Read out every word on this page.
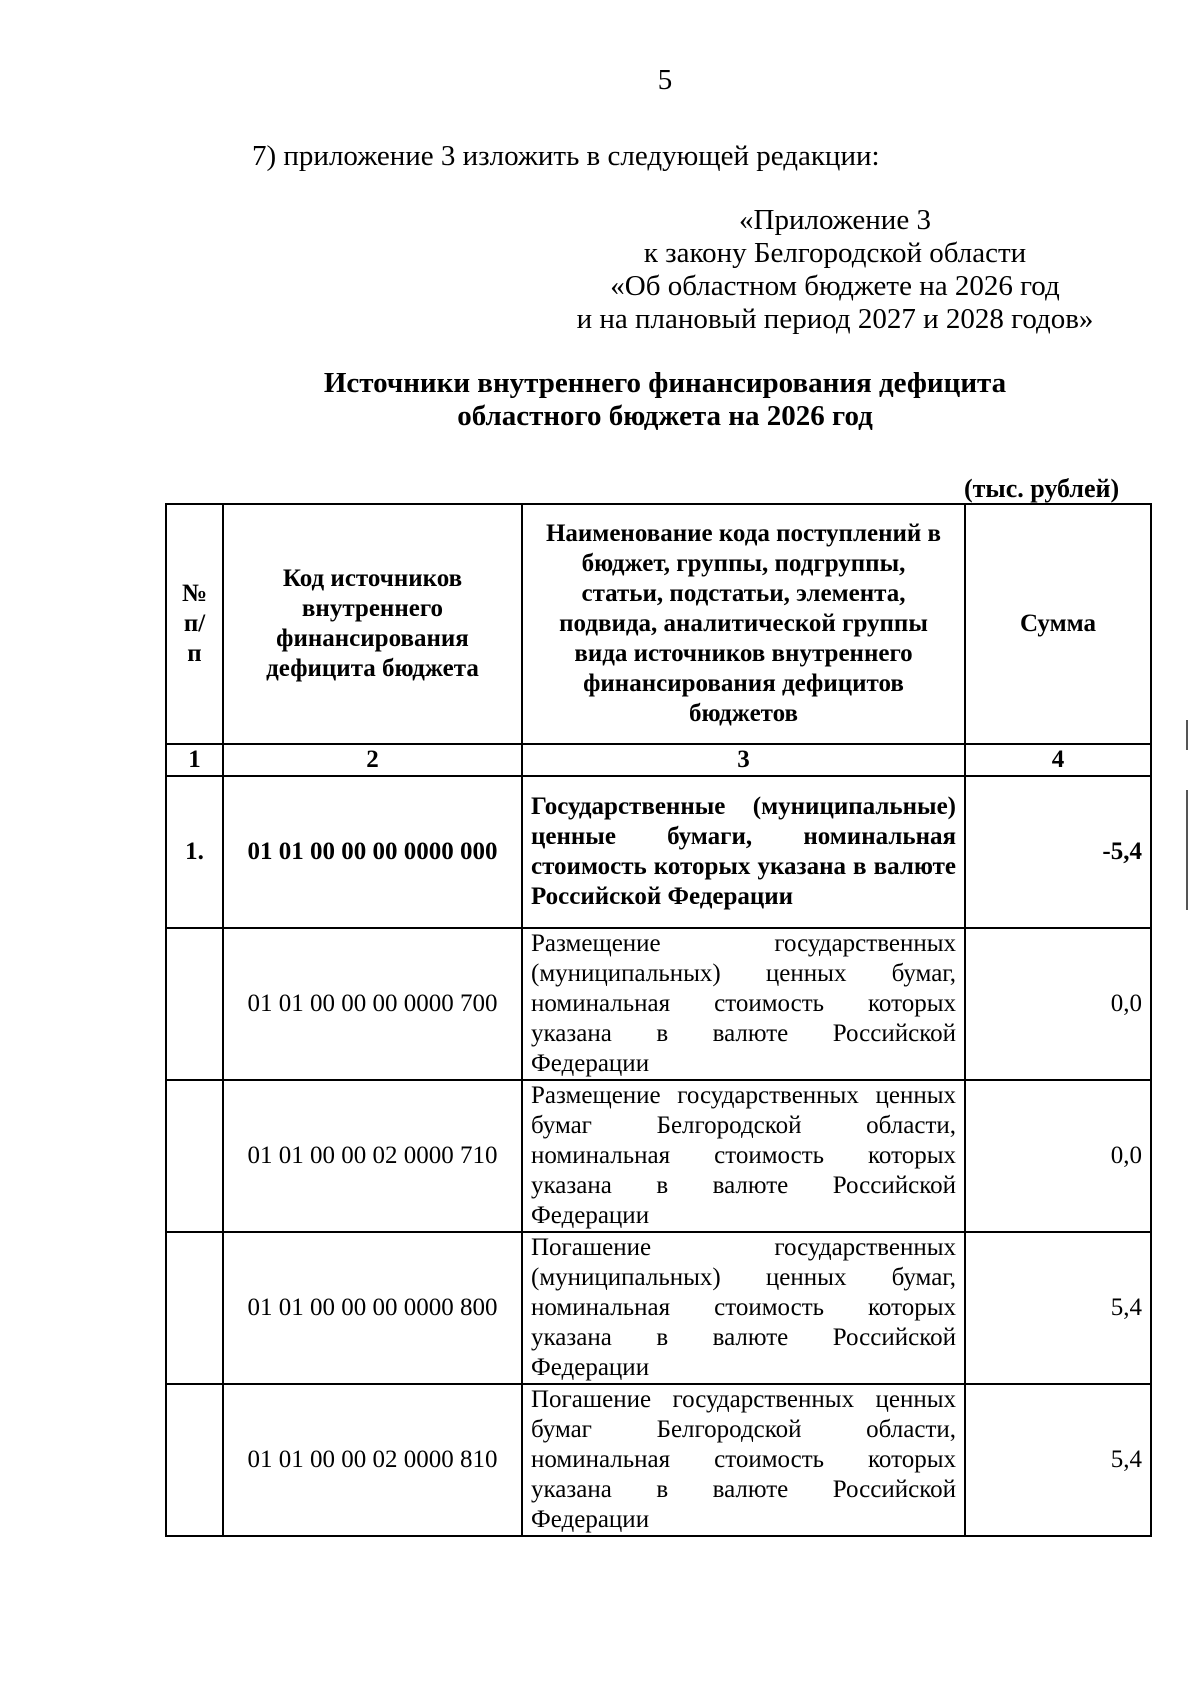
5
7) приложение 3 изложить в следующей редакции:
«Приложение 3
к закону Белгородской области
«Об областном бюджете на 2026 год
и на плановый период 2027 и 2028 годов»
Источники внутреннего финансирования дефицита
областного бюджета на 2026 год
(тыс. рублей)
№ п/ п	Код источников внутреннего финансирования дефицита бюджета	Наименование кода поступлений в бюджет, группы, подгруппы, статьи, подстатьи, элемента, подвида, аналитической группы вида источников внутреннего финансирования дефицитов бюджетов	Сумма
1	2	3	4
1.	01 01 00 00 00 0000 000	Государственные (муниципальные) ценные бумаги, номинальная стоимость которых указана в валюте Российской Федерации	-5,4
	01 01 00 00 00 0000 700	Размещение государственных (муниципальных) ценных бумаг, номинальная стоимость которых указана в валюте Российской Федерации	0,0
	01 01 00 00 02 0000 710	Размещение государственных ценных бумаг Белгородской области, номинальная стоимость которых указана в валюте Российской Федерации	0,0
	01 01 00 00 00 0000 800	Погашение государственных (муниципальных) ценных бумаг, номинальная стоимость которых указана в валюте Российской Федерации	5,4
	01 01 00 00 02 0000 810	Погашение государственных ценных бумаг Белгородской области, номинальная стоимость которых указана в валюте Российской Федерации	5,4
